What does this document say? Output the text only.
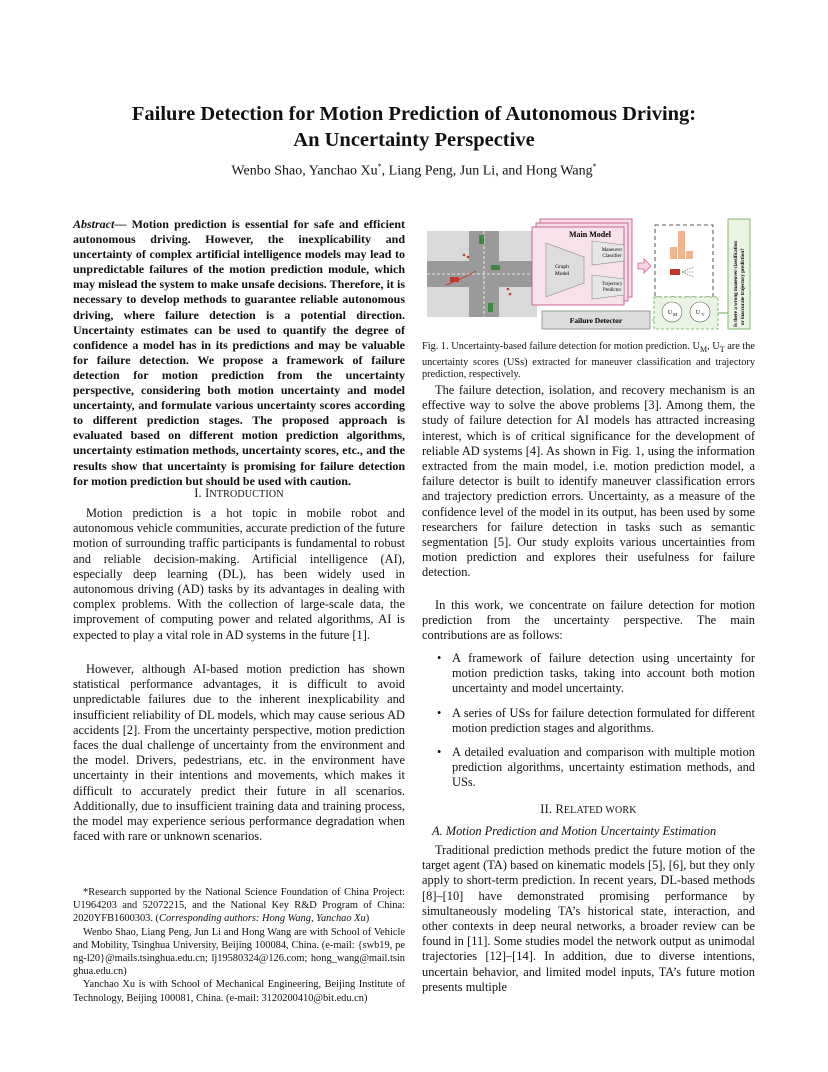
Failure Detection for Motion Prediction of Autonomous Driving:
An Uncertainty Perspective
Wenbo Shao, Yanchao Xu*, Liang Peng, Jun Li, and Hong Wang*
Abstract— Motion prediction is essential for safe and efficient autonomous driving. However, the inexplicability and uncertainty of complex artificial intelligence models may lead to unpredictable failures of the motion prediction module, which may mislead the system to make unsafe decisions. Therefore, it is necessary to develop methods to guarantee reliable autonomous driving, where failure detection is a potential direction. Uncertainty estimates can be used to quantify the degree of confidence a model has in its predictions and may be valuable for failure detection. We propose a framework of failure detection for motion prediction from the uncertainty perspective, considering both motion uncertainty and model uncertainty, and formulate various uncertainty scores according to different prediction stages. The proposed approach is evaluated based on different motion prediction algorithms, uncertainty estimation methods, uncertainty scores, etc., and the results show that uncertainty is promising for failure detection for motion prediction but should be used with caution.
I. INTRODUCTION

Motion prediction is a hot topic in mobile robot and autonomous vehicle communities, accurate prediction of the future motion of surrounding traffic participants is fundamental to robust and reliable decision-making. Artificial intelligence (AI), especially deep learning (DL), has been widely used in autonomous driving (AD) tasks by its advantages in dealing with complex problems. With the collection of large-scale data, the improvement of computing power and related algorithms, AI is expected to play a vital role in AD systems in the future [1].

However, although AI-based motion prediction has shown statistical performance advantages, it is difficult to avoid unpredictable failures due to the inherent inexplicability and insufficient reliability of DL models, which may cause serious AD accidents [2]. From the uncertainty perspective, motion prediction faces the dual challenge of uncertainty from the environment and the model. Drivers, pedestrians, etc. in the environment have uncertainty in their intentions and movements, which makes it difficult to accurately predict their future in all scenarios. Additionally, due to insufficient training data and training process, the model may experience serious performance degradation when faced with rare or unknown scenarios.

*Research supported by the National Science Foundation of China Project: U1964203 and 52072215, and the National Key R&D Program of China: 2020YFB1600303. (Corresponding authors: Hong Wang, Yanchao Xu)

Wenbo Shao, Liang Peng, Jun Li and Hong Wang are with School of Vehicle and Mobility, Tsinghua University, Beijing 100084, China. (e-mail: {swb19, peng-l20}@mails.tsinghua.edu.cn; lj19580324@126.com; hong_wang@mail.tsinghua.edu.cn)

Yanchao Xu is with School of Mechanical Engineering, Beijing Institute of Technology, Beijing 100081, China. (e-mail: 3120200410@bit.edu.cn)

Main Model
Graph
Model
Maneuver
Classifier
Trajectory
Predictor
Failure Detector
U M	U T	Is there a wrong maneuver classification or inaccurate trajectory prediction?
Fig. 1. Uncertainty-based failure detection for motion prediction. $U_M$, $U_T$ are the uncertainty scores (USs) extracted for maneuver classification and trajectory prediction, respectively.

The failure detection, isolation, and recovery mechanism is an effective way to solve the above problems [3]. Among them, the study of failure detection for AI models has attracted increasing interest, which is of critical significance for the development of reliable AD systems [4]. As shown in Fig. 1, using the information extracted from the main model, i.e. motion prediction model, a failure detector is built to identify maneuver classification errors and trajectory prediction errors. Uncertainty, as a measure of the confidence level of the model in its output, has been used by some researchers for failure detection in tasks such as semantic segmentation [5]. Our study exploits various uncertainties from motion prediction and explores their usefulness for failure detection.

In this work, we concentrate on failure detection for motion prediction from the uncertainty perspective. The main contributions are as follows:

• A framework of failure detection using uncertainty for motion prediction tasks, taking into account both motion uncertainty and model uncertainty.
• A series of USs for failure detection formulated for different motion prediction stages and algorithms.
• A detailed evaluation and comparison with multiple motion prediction algorithms, uncertainty estimation methods, and USs.
II. RELATED WORK
A. Motion Prediction and Motion Uncertainty Estimation

Traditional prediction methods predict the future motion of the target agent (TA) based on kinematic models [5], [6], but they only apply to short-term prediction. In recent years, DL-based methods [8]–[10] have demonstrated promising performance by simultaneously modeling TA’s historical state, interaction, and other contexts in deep neural networks, a broader review can be found in [11]. Some studies model the network output as unimodal trajectories [12]–[14]. In addition, due to diverse intentions, uncertain behavior, and limited model inputs, TA’s future motion presents multiple
